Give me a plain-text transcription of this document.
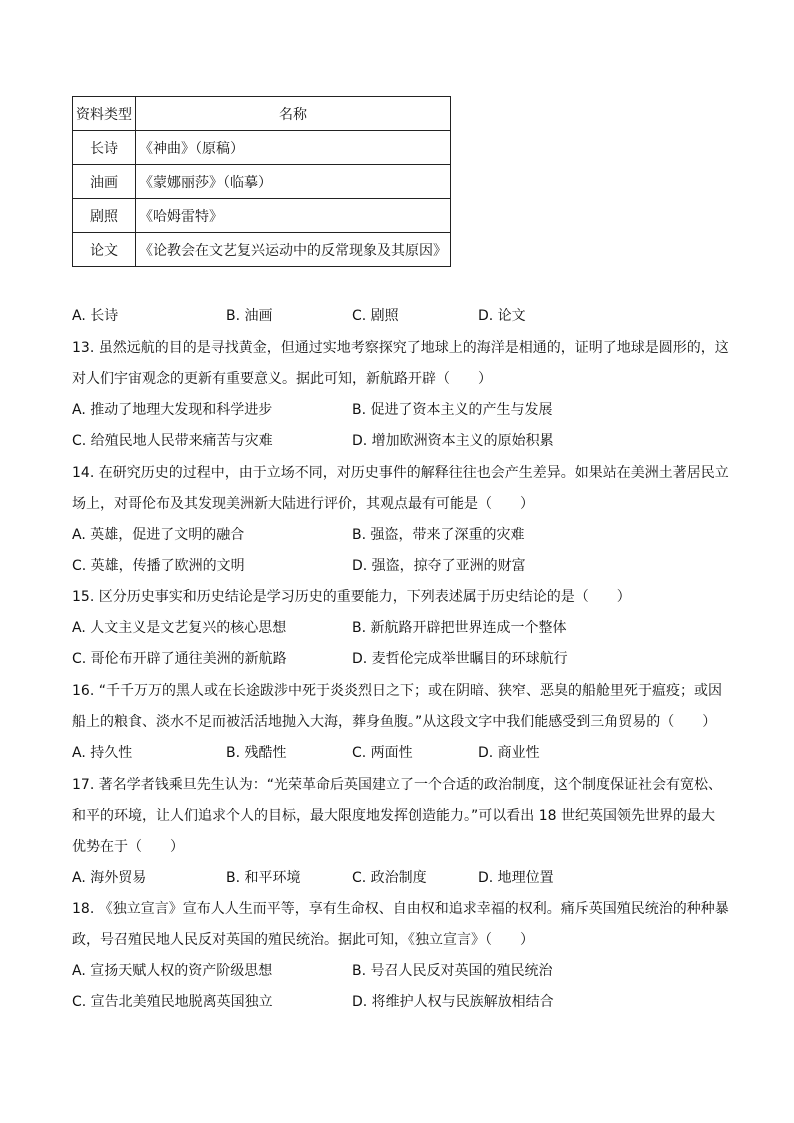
资料类型	名称
长诗	《神曲》（原稿）
油画	《蒙娜丽莎》（临摹）
剧照	《哈姆雷特》
论文	《论教会在文艺复兴运动中的反常现象及其原因》
A. 长诗	B. 油画	C. 剧照	D. 论文
13. 虽然远航的目的是寻找黄金，但通过实地考察探究了地球上的海洋是相通的，证明了地球是圆形的，这
对人们宇宙观念的更新有重要意义。据此可知，新航路开辟（　　）
A. 推动了地理大发现和科学进步	B. 促进了资本主义的产生与发展
C. 给殖民地人民带来痛苦与灾难	D. 增加欧洲资本主义的原始积累
14. 在研究历史的过程中，由于立场不同，对历史事件的解释往往也会产生差异。如果站在美洲土著居民立
场上，对哥伦布及其发现美洲新大陆进行评价，其观点最有可能是（　　）
A. 英雄，促进了文明的融合	B. 强盗，带来了深重的灾难
C. 英雄，传播了欧洲的文明	D. 强盗，掠夺了亚洲的财富
15. 区分历史事实和历史结论是学习历史的重要能力，下列表述属于历史结论的是（　　）
A. 人文主义是文艺复兴的核心思想	B. 新航路开辟把世界连成一个整体
C. 哥伦布开辟了通往美洲的新航路	D. 麦哲伦完成举世瞩目的环球航行
16. “千千万万的黑人或在长途跋涉中死于炎炎烈日之下；或在阴暗、狭窄、恶臭的船舱里死于瘟疫；或因
船上的粮食、淡水不足而被活活地抛入大海，葬身鱼腹。”从这段文字中我们能感受到三角贸易的（　　）
A. 持久性	B. 残酷性	C. 两面性	D. 商业性
17. 著名学者钱乘旦先生认为：“光荣革命后英国建立了一个合适的政治制度，这个制度保证社会有宽松、
和平的环境，让人们追求个人的目标，最大限度地发挥创造能力。”可以看出 18 世纪英国领先世界的最大
优势在于（　　）
A. 海外贸易	B. 和平环境	C. 政治制度	D. 地理位置
18. 《独立宣言》宣布人人生而平等，享有生命权、自由权和追求幸福的权利。痛斥英国殖民统治的种种暴
政，号召殖民地人民反对英国的殖民统治。据此可知，《独立宣言》（　　）
A. 宣扬天赋人权的资产阶级思想	B. 号召人民反对英国的殖民统治
C. 宣告北美殖民地脱离英国独立	D. 将维护人权与民族解放相结合
